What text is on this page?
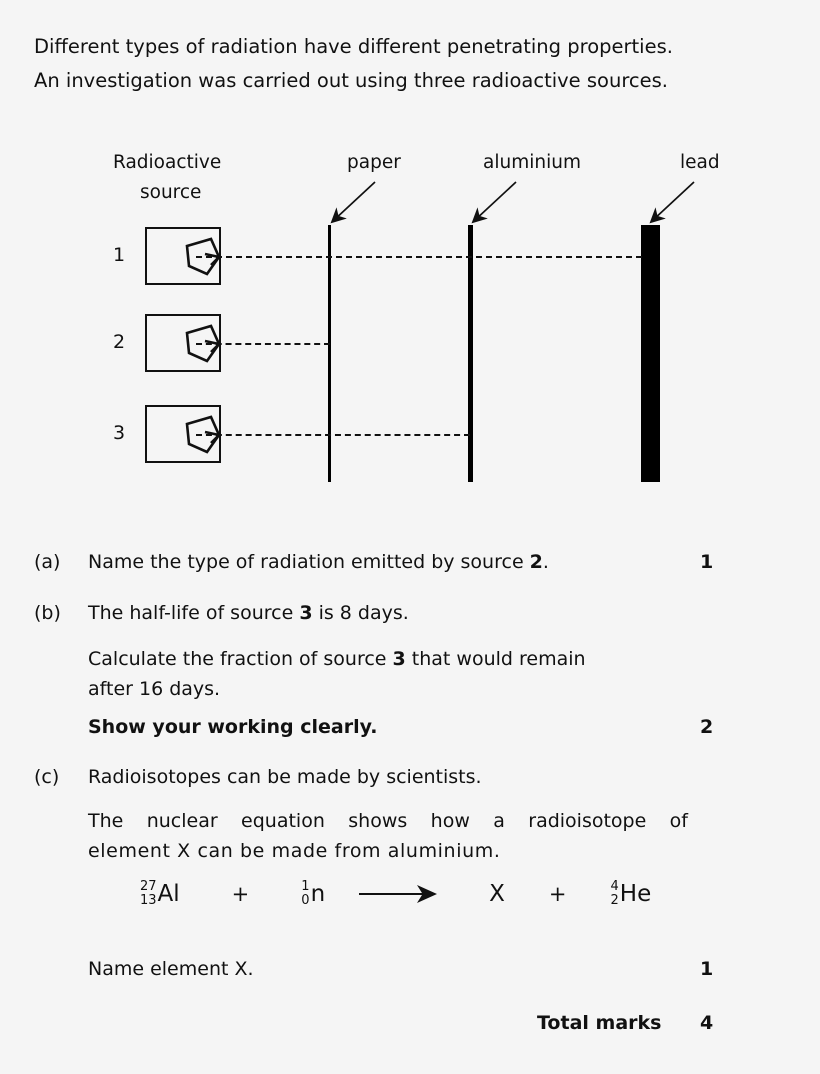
Different types of radiation have different penetrating properties.
An investigation was carried out using three radioactive sources.
Radioactive
source
paper	aluminium	lead
1
2
3
(a) Name the type of radiation emitted by source 2.	1
(b) The half-life of source 3 is 8 days.
Calculate the fraction of source 3 that would remain
after 16 days.
Show your working clearly.	2
(c) Radioisotopes can be made by scientists.
The nuclear equation shows how a radioisotope of
element X can be made from aluminium.
27
13 Al +	1
0 n	X +	4
2 He
Name element X.	1
Total marks 4
